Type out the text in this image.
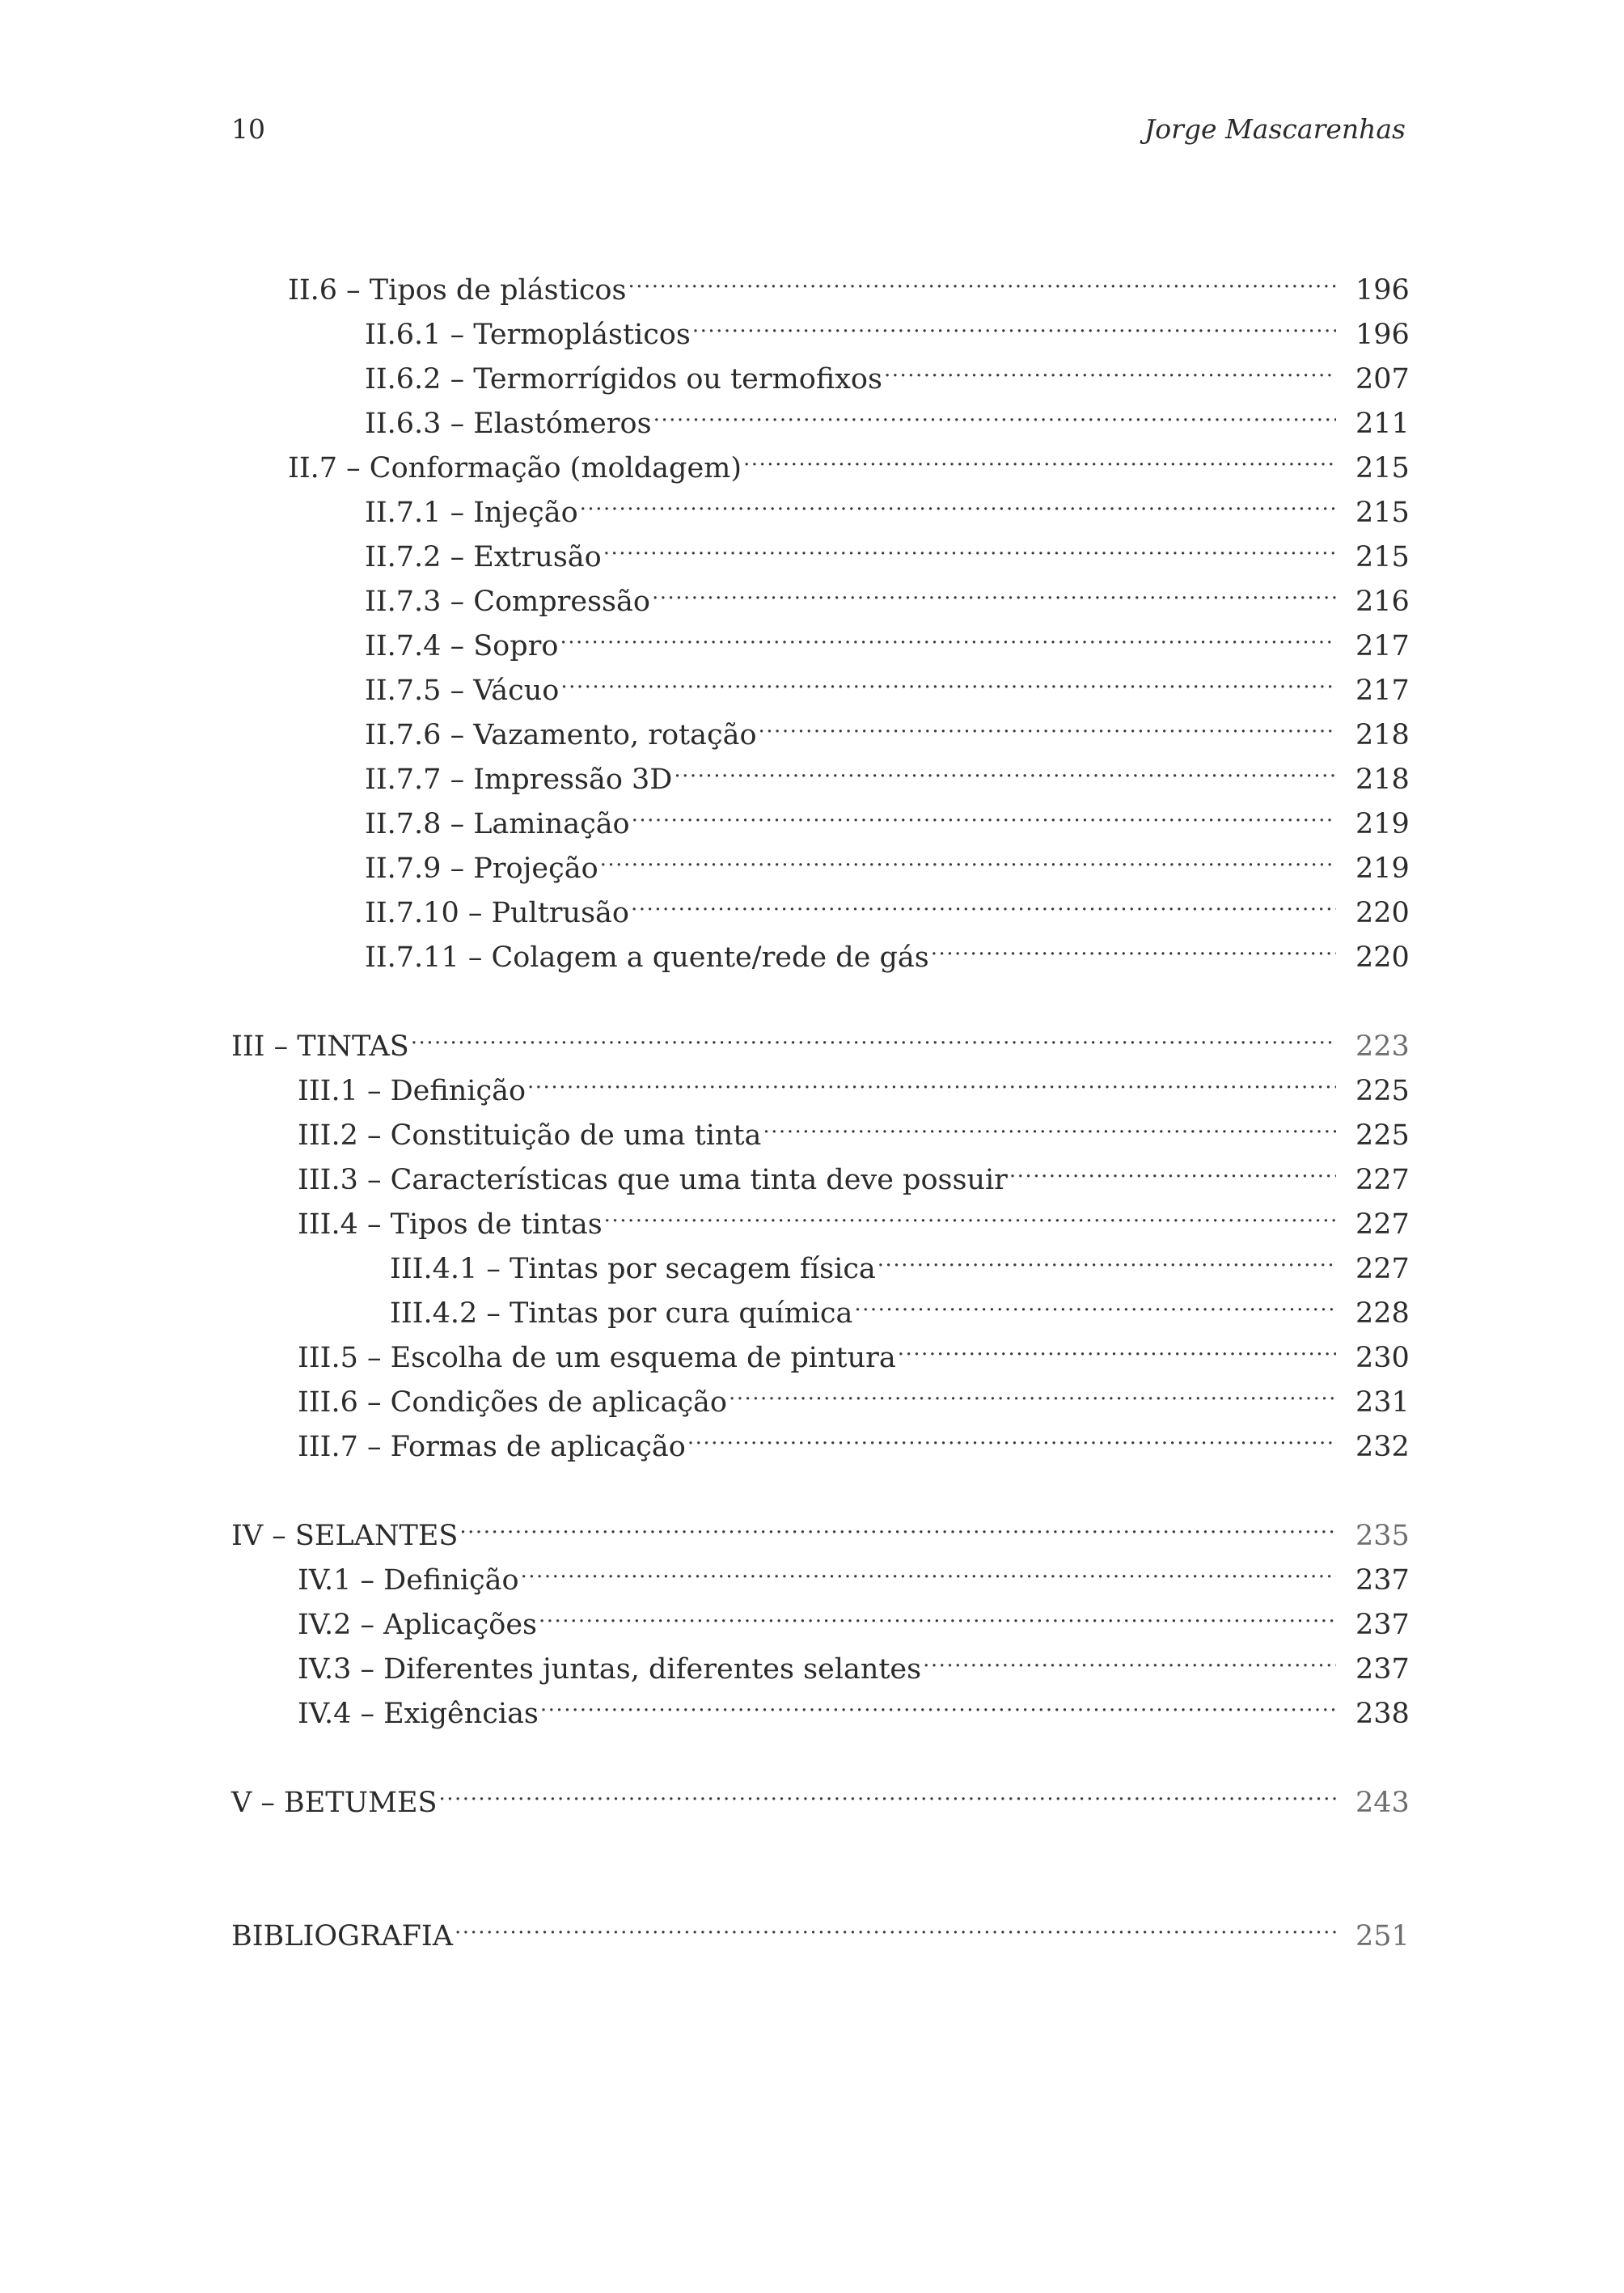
10	Jorge Mascarenhas
II.6 – Tipos de plásticos .....	196
II.6.1 – Termoplásticos .....	196
II.6.2 – Termorrígidos ou termofixos .....	207
II.6.3 – Elastómeros .....	211
II.7 – Conformação (moldagem) .....	215
II.7.1 – Injeção .....	215
II.7.2 – Extrusão .....	215
II.7.3 – Compressão .....	216
II.7.4 – Sopro .....	217
II.7.5 – Vácuo .....	217
II.7.6 – Vazamento, rotação .....	218
II.7.7 – Impressão 3D .....	218
II.7.8 – Laminação .....	219
II.7.9 – Projeção .....	219
II.7.10 – Pultrusão .....	220
II.7.11 – Colagem a quente/rede de gás .....	220
III – TINTAS .....	223
III.1 – Definição .....	225
III.2 – Constituição de uma tinta .....	225
III.3 – Características que uma tinta deve possuir .....	227
III.4 – Tipos de tintas .....	227
III.4.1 – Tintas por secagem física .....	227
III.4.2 – Tintas por cura química .....	228
III.5 – Escolha de um esquema de pintura .....	230
III.6 – Condições de aplicação .....	231
III.7 – Formas de aplicação .....	232
IV – SELANTES .....	235
IV.1 – Definição .....	237
IV.2 – Aplicações .....	237
IV.3 – Diferentes juntas, diferentes selantes .....	237
IV.4 – Exigências .....	238
V – BETUMES .....	243
BIBLIOGRAFIA .....	251
